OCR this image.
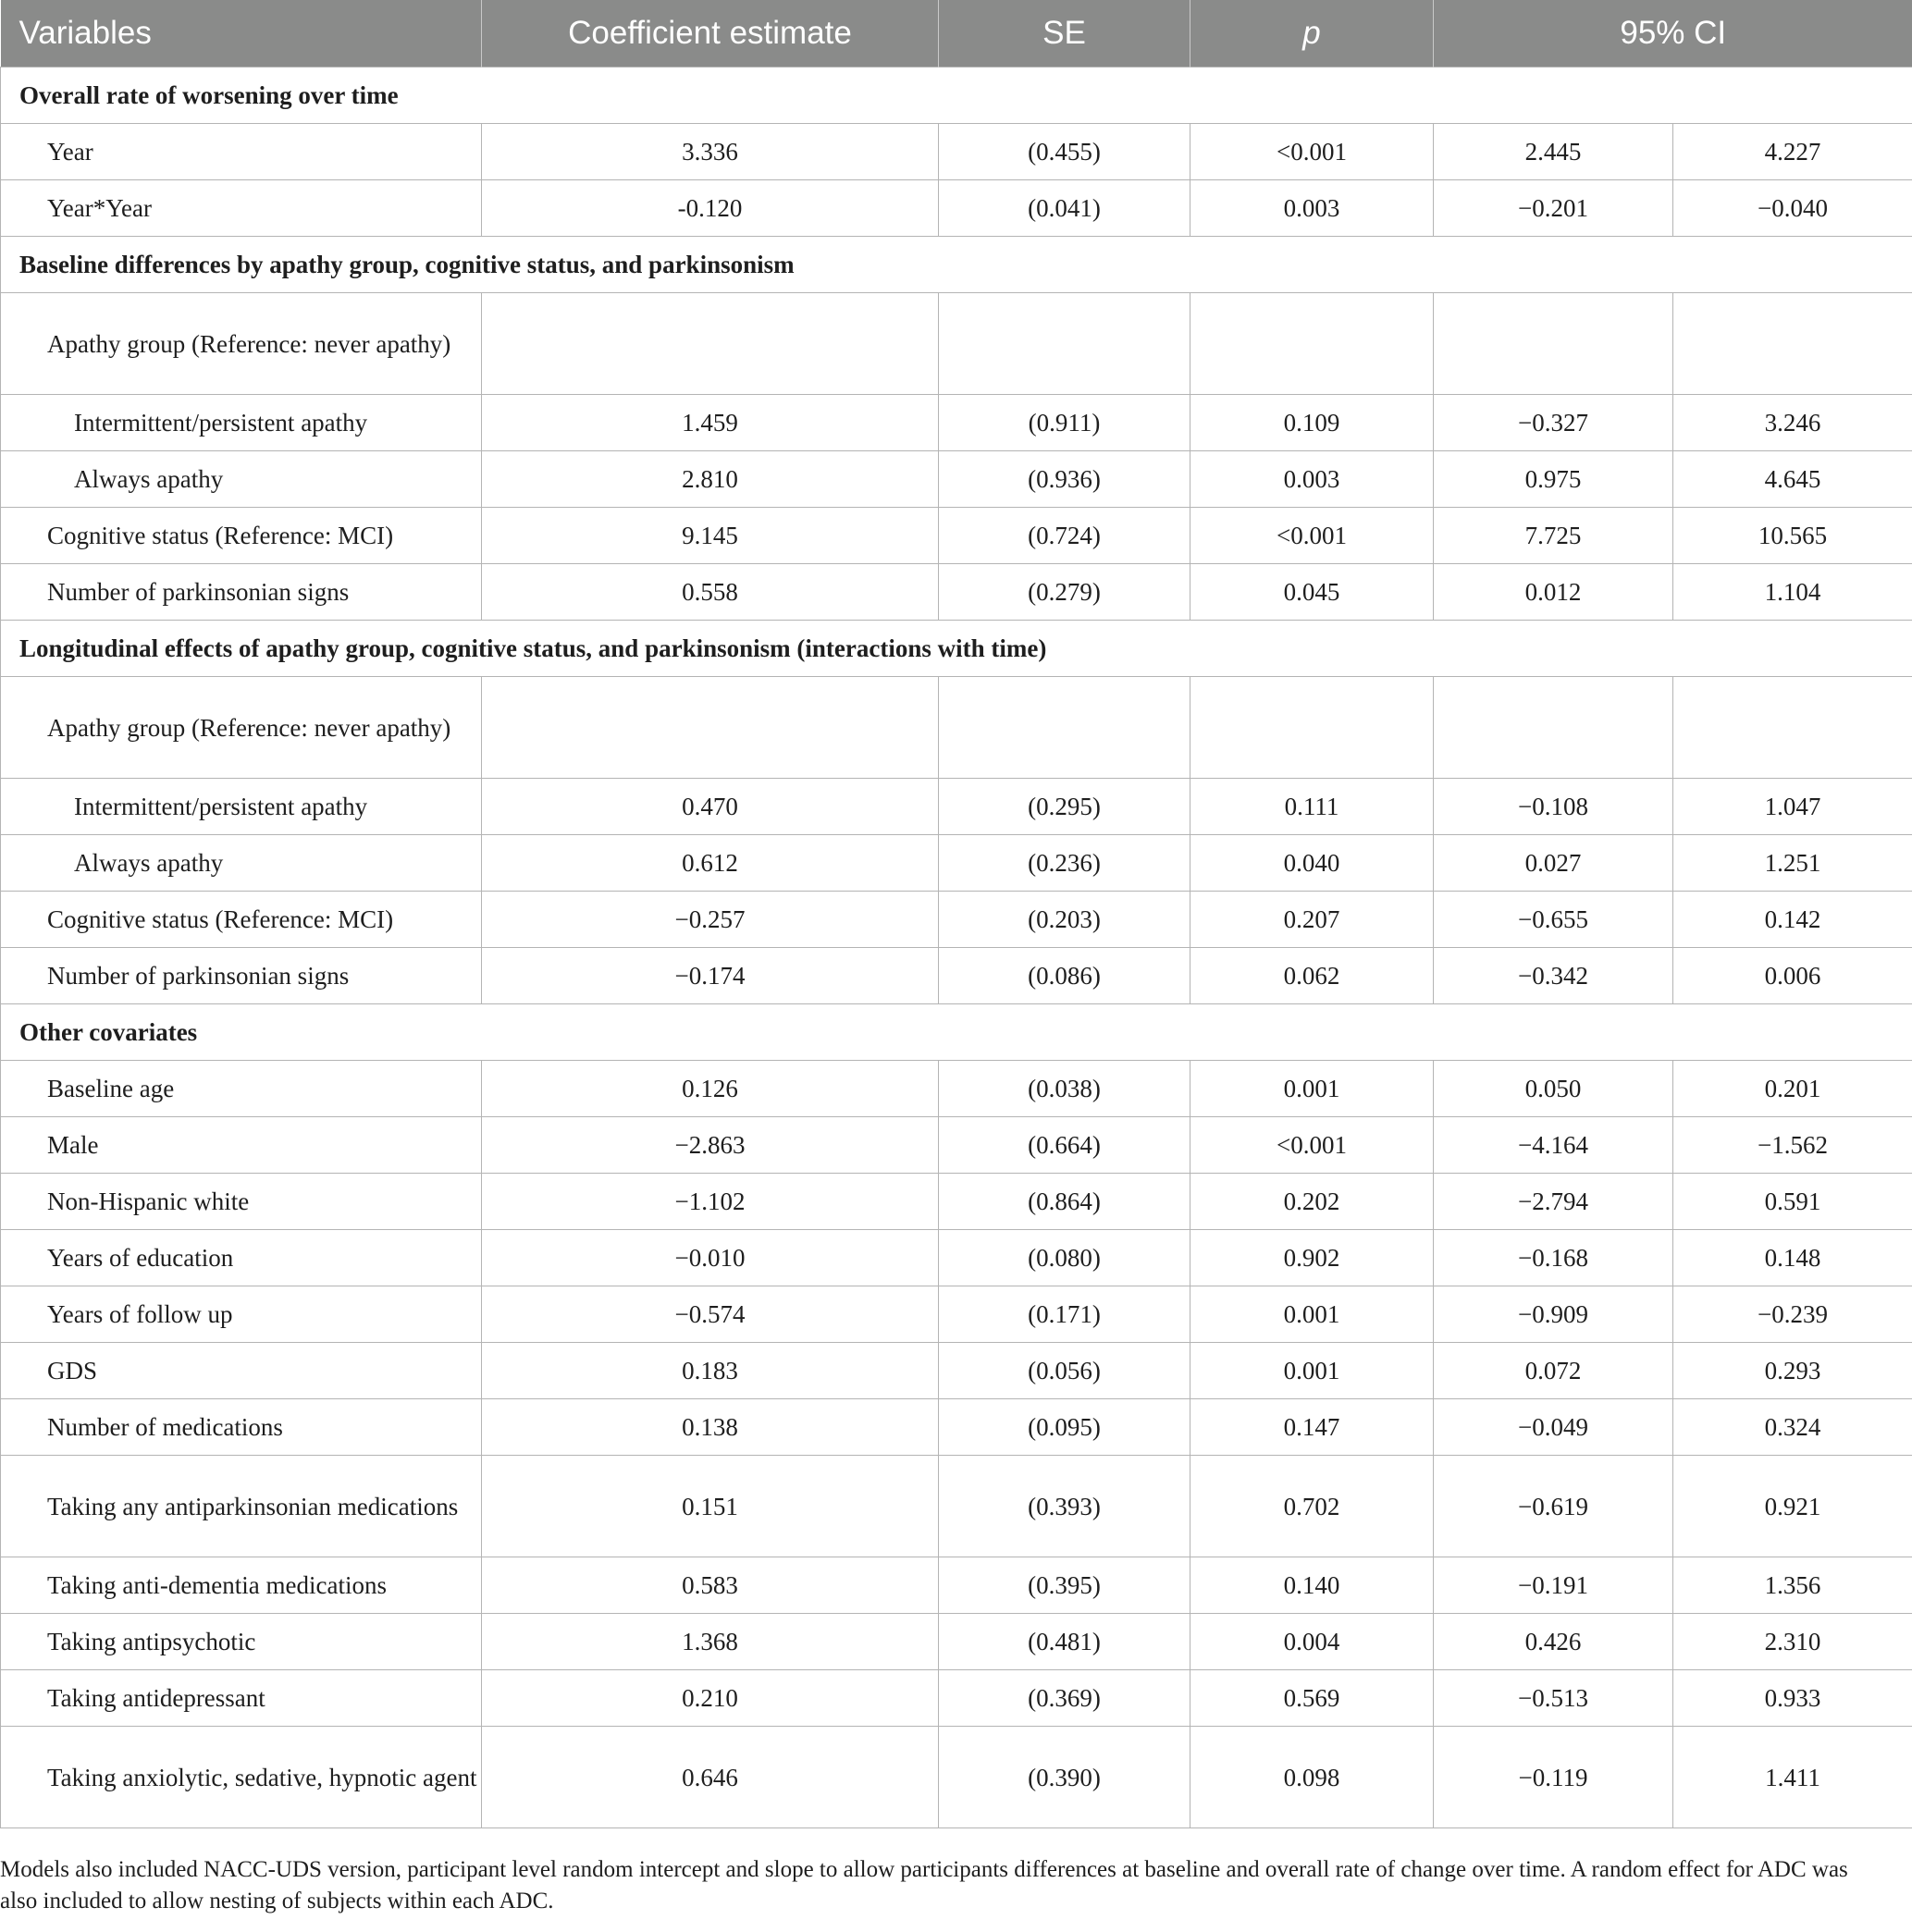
Variables	Coefficient estimate	SE	p	95% CI	
Overall rate of worsening over time					
Year	3.336	(0.455)	<0.001	2.445	4.227
Year*Year	-0.120	(0.041)	0.003	−0.201	−0.040
Baseline differences by apathy group, cognitive status, and parkinsonism					
Apathy group (Reference: never apathy)					
Intermittent/persistent apathy	1.459	(0.911)	0.109	−0.327	3.246
Always apathy	2.810	(0.936)	0.003	0.975	4.645
Cognitive status (Reference: MCI)	9.145	(0.724)	<0.001	7.725	10.565
Number of parkinsonian signs	0.558	(0.279)	0.045	0.012	1.104
Longitudinal effects of apathy group, cognitive status, and parkinsonism (interactions with time)					
Apathy group (Reference: never apathy)					
Intermittent/persistent apathy	0.470	(0.295)	0.111	−0.108	1.047
Always apathy	0.612	(0.236)	0.040	0.027	1.251
Cognitive status (Reference: MCI)	−0.257	(0.203)	0.207	−0.655	0.142
Number of parkinsonian signs	−0.174	(0.086)	0.062	−0.342	0.006
Other covariates					
Baseline age	0.126	(0.038)	0.001	0.050	0.201
Male	−2.863	(0.664)	<0.001	−4.164	−1.562
Non-Hispanic white	−1.102	(0.864)	0.202	−2.794	0.591
Years of education	−0.010	(0.080)	0.902	−0.168	0.148
Years of follow up	−0.574	(0.171)	0.001	−0.909	−0.239
GDS	0.183	(0.056)	0.001	0.072	0.293
Number of medications	0.138	(0.095)	0.147	−0.049	0.324
Taking any antiparkinsonian medications	0.151	(0.393)	0.702	−0.619	0.921
Taking anti-dementia medications	0.583	(0.395)	0.140	−0.191	1.356
Taking antipsychotic	1.368	(0.481)	0.004	0.426	2.310
Taking antidepressant	0.210	(0.369)	0.569	−0.513	0.933
Taking anxiolytic, sedative, hypnotic agent	0.646	(0.390)	0.098	−0.119	1.411
Models also included NACC-UDS version, participant level random intercept and slope to allow participants differences at baseline and overall rate of change over time. A random effect for ADC was also included to allow nesting of subjects within each ADC.
